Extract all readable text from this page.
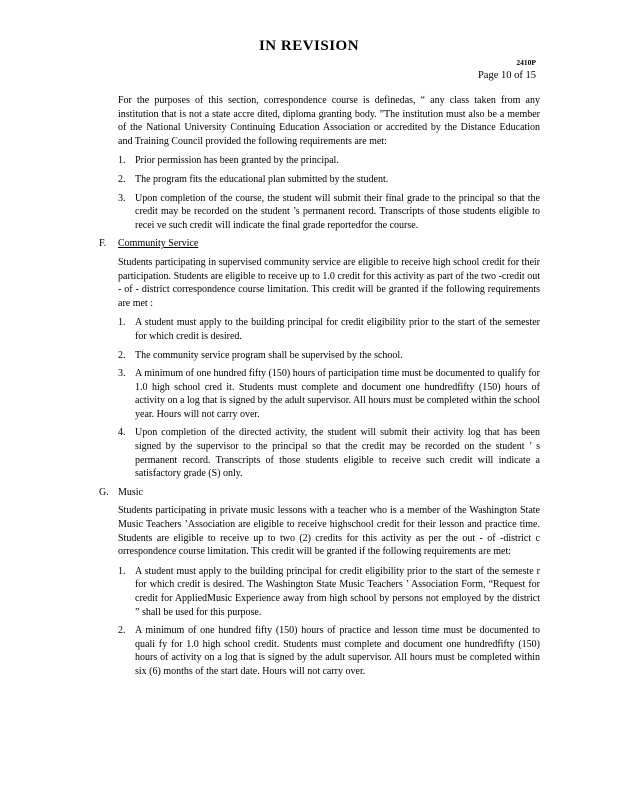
IN REVISION
2410P
Page 10 of 15

For the purposes of this section, correspondence course is definedas, “ any class taken from any institution that is not a state accre dited, diploma granting body. ”The institution must also be a member of the National University Continuing Education Association or accredited by the Distance Education and Training Council provided the following requirements are met:

1. Prior permission has been granted by the principal.
2. The program fits the educational plan submitted by the student.
3. Upon completion of the course, the student will submit their final grade to the principal so that the credit may be recorded on the student ’s permanent record. Transcripts of those students eligible to recei ve such credit will indicate the final grade reportedfor the course.
F. Community Service

Students participating in supervised community service are eligible to receive high school credit for their participation. Students are eligible to receive up to 1.0 credit for this activity as part of the two -credit out - of - district correspondence course limitation. This credit will be granted if the following requirements are met :

1. A student must apply to the building principal for credit eligibility prior to the start of the semester for which credit is desired.
2. The community service program shall be supervised by the school.
3. A minimum of one hundred fifty (150) hours of participation time must be documented to qualify for 1.0 high school cred it. Students must complete and document one hundredfifty (150) hours of activity on a log that is signed by the adult supervisor. All hours must be completed within the school year. Hours will not carry over.
4. Upon completion of the directed activity, the student will submit their activity log that has been signed by the supervisor to the principal so that the credit may be recorded on the student ’ s permanent record. Transcripts of those students eligible to receive such credit will indicate a satisfactory grade (S) only.
G. Music

Students participating in private music lessons with a teacher who is a member of the Washington State Music Teachers ’Association are eligible to receive highschool credit for their lesson and practice time. Students are eligible to receive up to two (2) credits for this activity as per the out - of -district c orrespondence course limitation. This credit will be granted if the following requirements are met:

1. A student must apply to the building principal for credit eligibility prior to the start of the semeste r for which credit is desired. The Washington State Music Teachers ’ Association Form, “Request for credit for AppliedMusic Experience away from high school by persons not employed by the district ” shall be used for this purpose.
2. A minimum of one hundred fifty (150) hours of practice and lesson time must be documented to quali fy for 1.0 high school credit. Students must complete and document one hundredfifty (150) hours of activity on a log that is signed by the adult supervisor. All hours must be completed within six (6) months of the start date. Hours will not carry over.
